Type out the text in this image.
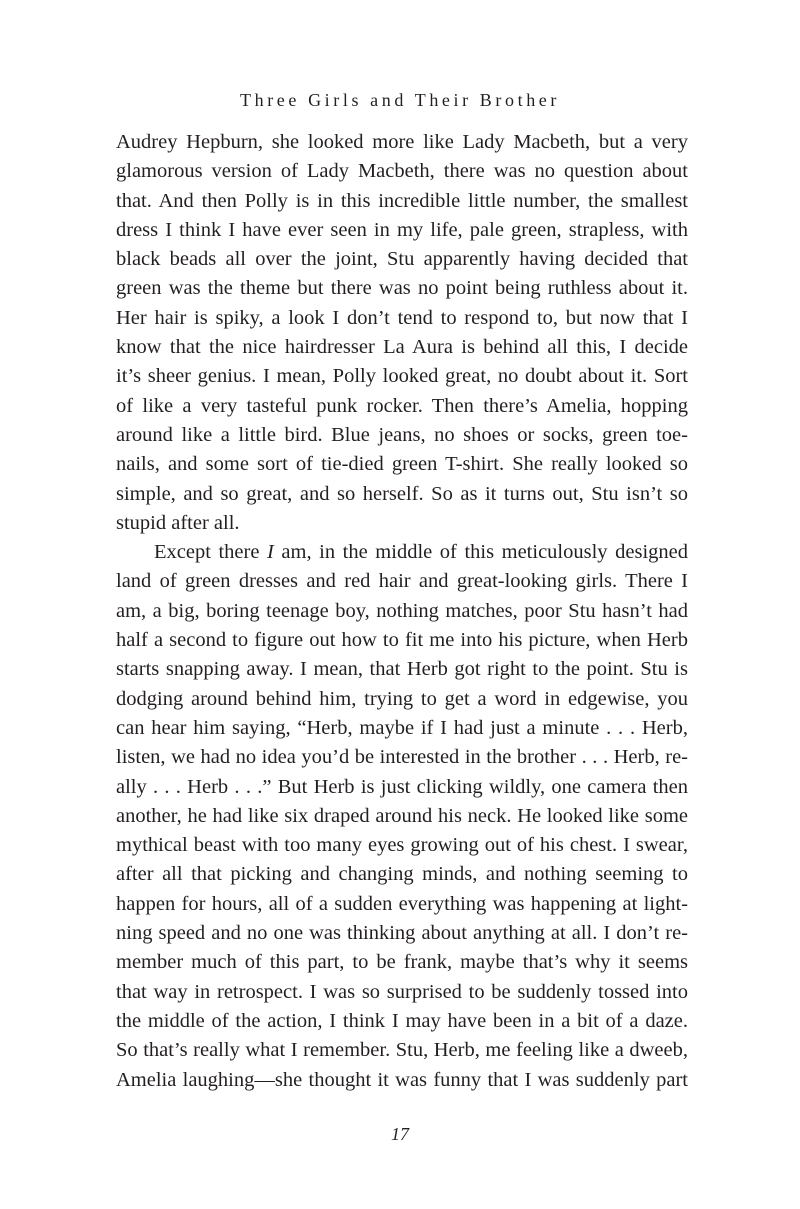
Three Girls and Their Brother
Audrey Hepburn, she looked more like Lady Macbeth, but a very
glamorous version of Lady Macbeth, there was no question about
that. And then Polly is in this incredible little number, the smallest
dress I think I have ever seen in my life, pale green, strapless, with
black beads all over the joint, Stu apparently having decided that
green was the theme but there was no point being ruthless about it.
Her hair is spiky, a look I don’t tend to respond to, but now that I
know that the nice hairdresser La Aura is behind all this, I decide
it’s sheer genius. I mean, Polly looked great, no doubt about it. Sort
of like a very tasteful punk rocker. Then there’s Amelia, hopping
around like a little bird. Blue jeans, no shoes or socks, green toe-
nails, and some sort of tie-died green T-shirt. She really looked so
simple, and so great, and so herself. So as it turns out, Stu isn’t so
stupid after all.
Except there I am, in the middle of this meticulously designed
land of green dresses and red hair and great-looking girls. There I
am, a big, boring teenage boy, nothing matches, poor Stu hasn’t had
half a second to figure out how to fit me into his picture, when Herb
starts snapping away. I mean, that Herb got right to the point. Stu is
dodging around behind him, trying to get a word in edgewise, you
can hear him saying, “Herb, maybe if I had just a minute . . . Herb,
listen, we had no idea you’d be interested in the brother . . . Herb, re-
ally . . . Herb . . .” But Herb is just clicking wildly, one camera then
another, he had like six draped around his neck. He looked like some
mythical beast with too many eyes growing out of his chest. I swear,
after all that picking and changing minds, and nothing seeming to
happen for hours, all of a sudden everything was happening at light-
ning speed and no one was thinking about anything at all. I don’t re-
member much of this part, to be frank, maybe that’s why it seems
that way in retrospect. I was so surprised to be suddenly tossed into
the middle of the action, I think I may have been in a bit of a daze.
So that’s really what I remember. Stu, Herb, me feeling like a dweeb,
Amelia laughing—she thought it was funny that I was suddenly part
17
